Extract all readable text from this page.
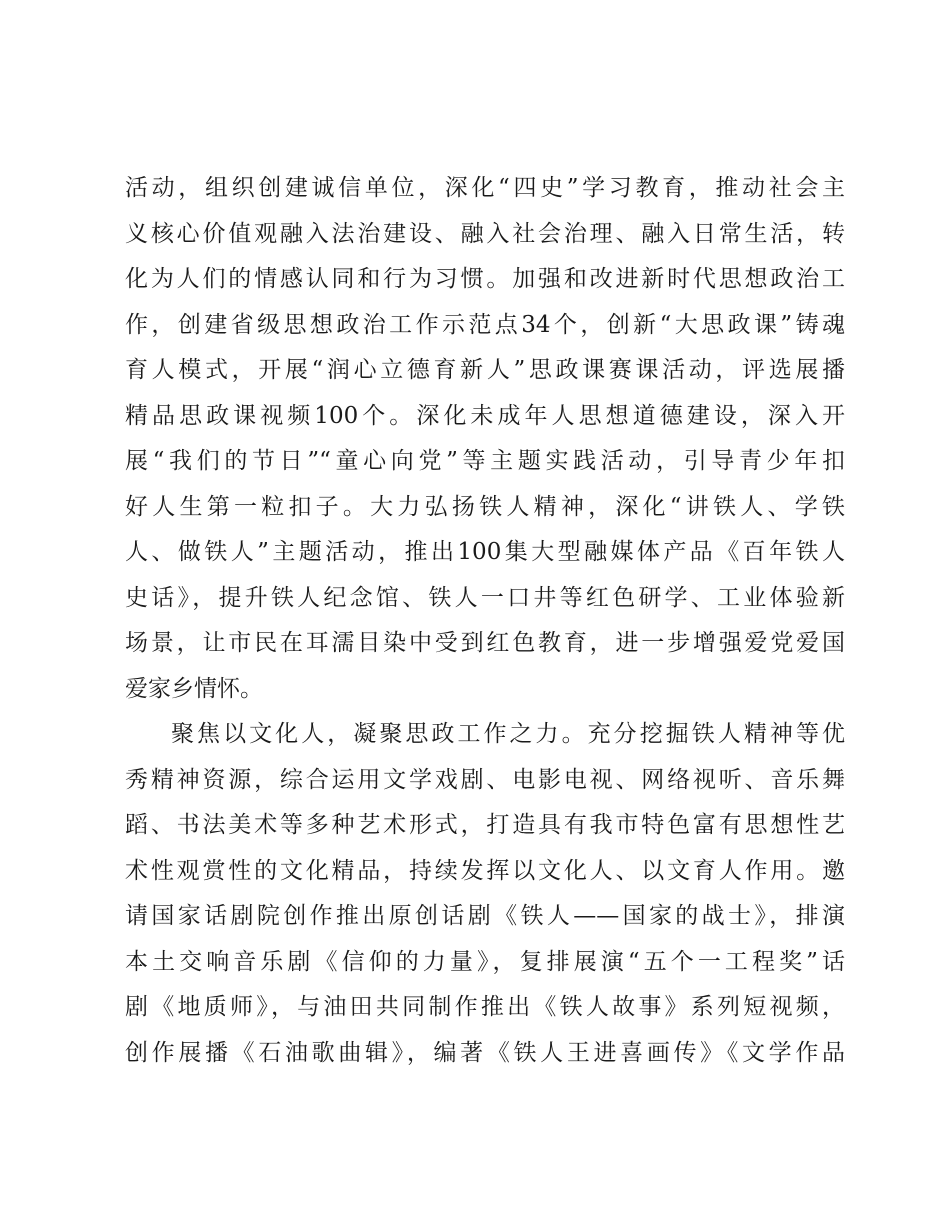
活动，组织创建诚信单位，深化“四史”学习教育，推动社会主
义核心价值观融入法治建设、融入社会治理、融入日常生活，转
化为人们的情感认同和行为习惯。加强和改进新时代思想政治工
作，创建省级思想政治工作示范点34个，创新“大思政课”铸魂
育人模式，开展“润心立德育新人”思政课赛课活动，评选展播
精品思政课视频100个。深化未成年人思想道德建设，深入开
展“我们的节日”“童心向党”等主题实践活动，引导青少年扣
好人生第一粒扣子。大力弘扬铁人精神，深化“讲铁人、学铁
人、做铁人”主题活动，推出100集大型融媒体产品《百年铁人
史话》，提升铁人纪念馆、铁人一口井等红色研学、工业体验新
场景，让市民在耳濡目染中受到红色教育，进一步增强爱党爱国
爱家乡情怀。
聚焦以文化人，凝聚思政工作之力。充分挖掘铁人精神等优
秀精神资源，综合运用文学戏剧、电影电视、网络视听、音乐舞
蹈、书法美术等多种艺术形式，打造具有我市特色富有思想性艺
术性观赏性的文化精品，持续发挥以文化人、以文育人作用。邀
请国家话剧院创作推出原创话剧《铁人——国家的战士》，排演
本土交响音乐剧《信仰的力量》，复排展演“五个一工程奖”话
剧《地质师》，与油田共同制作推出《铁人故事》系列短视频，
创作展播《石油歌曲辑》，编著《铁人王进喜画传》《文学作品
